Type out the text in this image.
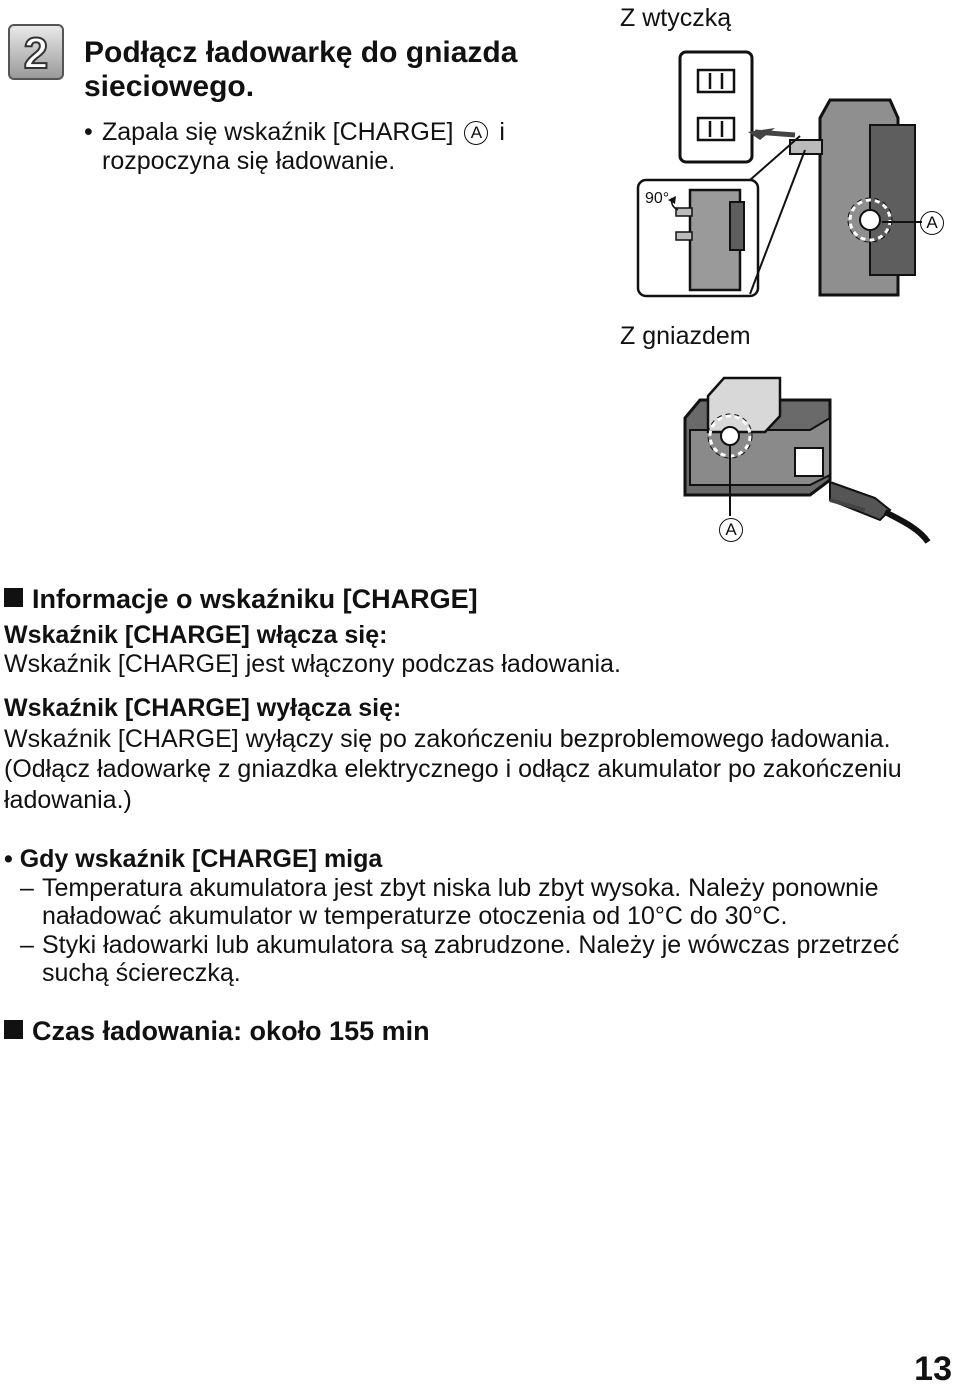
2	Podłącz ładowarkę do gniazda sieciowego.
• Zapala się wskaźnik [CHARGE] A i rozpoczyna się ładowanie.
Z wtyczką
Z gniazdem
90°
A
A
Informacje o wskaźniku [CHARGE]
Wskaźnik [CHARGE] włącza się:
Wskaźnik [CHARGE] jest włączony podczas ładowania.
Wskaźnik [CHARGE] wyłącza się:
Wskaźnik [CHARGE] wyłączy się po zakończeniu bezproblemowego ładowania.
(Odłącz ładowarkę z gniazdka elektrycznego i odłącz akumulator po zakończeniu
ładowania.)
• Gdy wskaźnik [CHARGE] miga
– Temperatura akumulatora jest zbyt niska lub zbyt wysoka. Należy ponownie naładować akumulator w temperaturze otoczenia od 10°C do 30°C.
– Styki ładowarki lub akumulatora są zabrudzone. Należy je wówczas przetrzeć suchą ściereczką.
Czas ładowania: około 155 min
13
